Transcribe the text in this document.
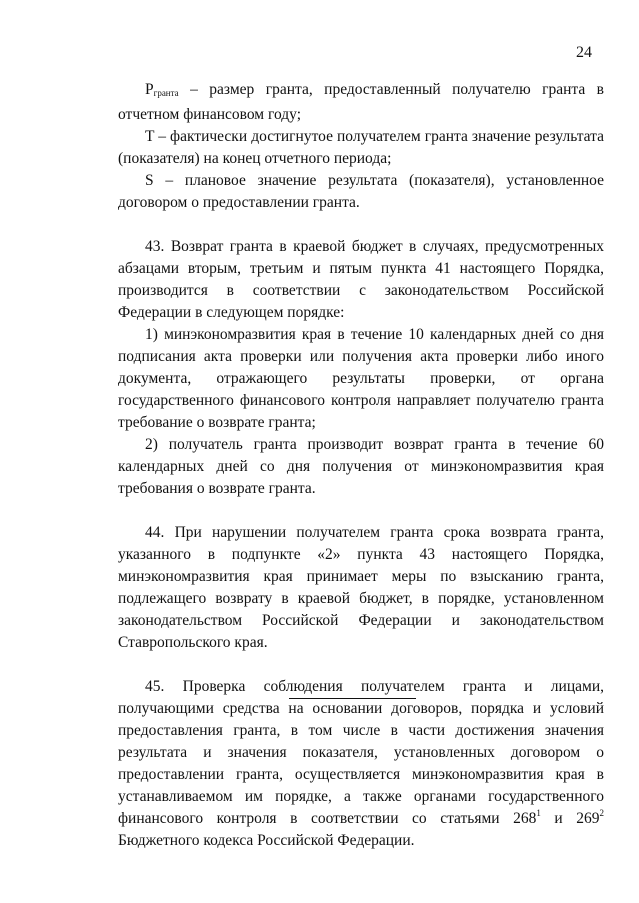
24

$P_{гранта}$ – размер гранта, предоставленный получателю гранта в отчетном финансовом году;

T – фактически достигнутое получателем гранта значение результата (показателя) на конец отчетного периода;

S – плановое значение результата (показателя), установленное договором о предоставлении гранта.

43. Возврат гранта в краевой бюджет в случаях, предусмотренных абзацами вторым, третьим и пятым пункта 41 настоящего Порядка, производится в соответствии с законодательством Российской Федерации в следующем порядке:

1) минэкономразвития края в течение 10 календарных дней со дня подписания акта проверки или получения акта проверки либо иного документа, отражающего результаты проверки, от органа государственного финансового контроля направляет получателю гранта требование о возврате гранта;

2) получатель гранта производит возврат гранта в течение 60 календарных дней со дня получения от минэкономразвития края требования о возврате гранта.

44. При нарушении получателем гранта срока возврата гранта, указанного в подпункте «2» пункта 43 настоящего Порядка, минэкономразвития края принимает меры по взысканию гранта, подлежащего возврату в краевой бюджет, в порядке, установленном законодательством Российской Федерации и законодательством Ставропольского края.

45. Проверка соблюдения получателем гранта и лицами, получающими средства на основании договоров, порядка и условий предоставления гранта, в том числе в части достижения значения результата и значения показателя, установленных договором о предоставлении гранта, осуществляется минэкономразвития края в устанавливаемом им порядке, а также органами государственного финансового контроля в соответствии со статьями $268^1$ и $269^2$ Бюджетного кодекса Российской Федерации.
